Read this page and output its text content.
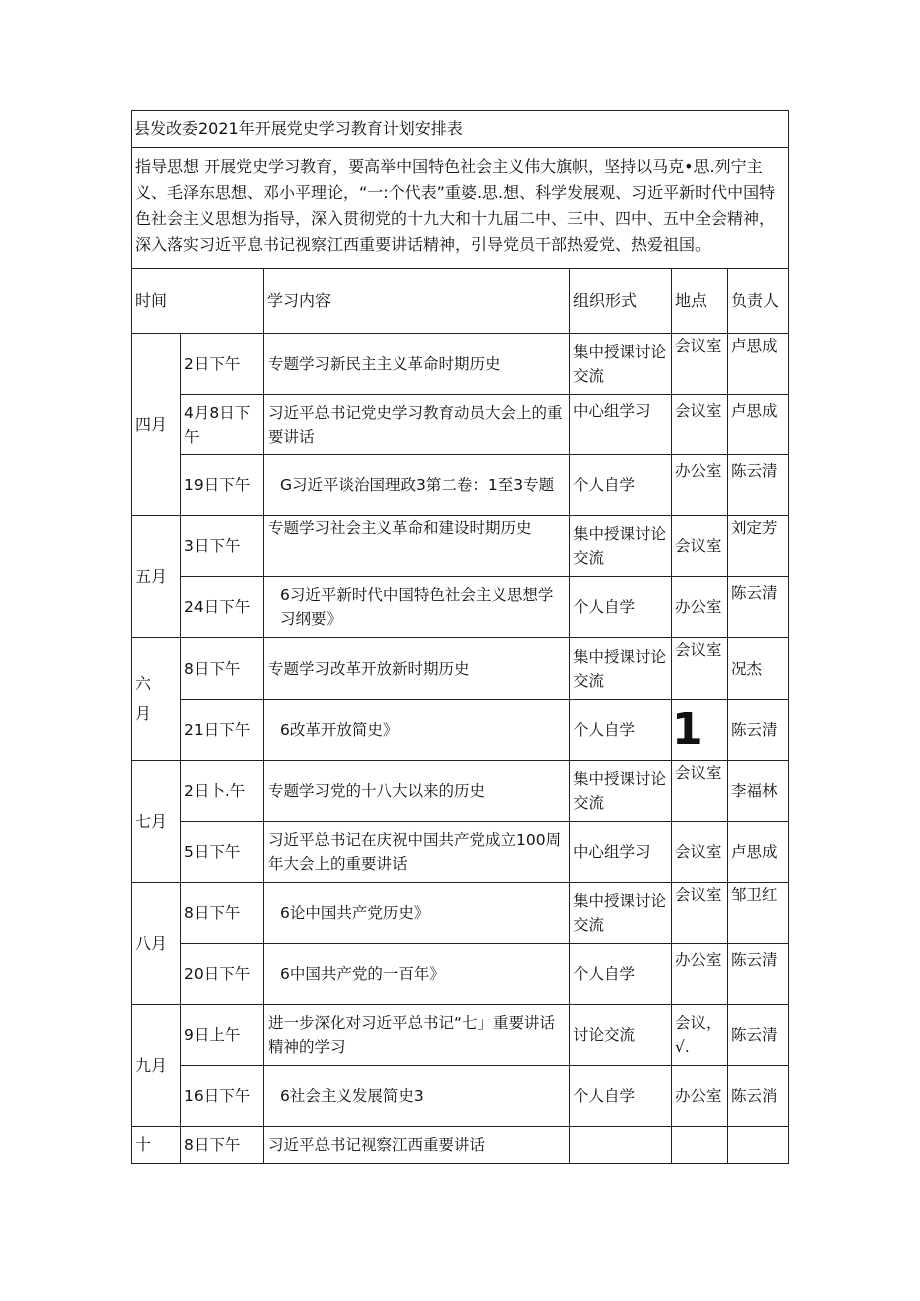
县发改委2021年开展党史学习教育计划安排表					
指导思想 开展党史学习教育，要高举中国特色社会主义伟大旗帜，坚持以马克•思.列宁主义、毛泽东思想、邓小平理论，“一:个代表”重婆.思.想、科学发展观、习近平新时代中国特色社会主义思想为指导，深入贯彻党的十九大和十九届二中、三中、四中、五中全会精神，深入落实习近平息书记视察江西重要讲话精神，引导党员干部热爱党、热爱祖国。					
时间		学习内容	组织形式	地点	负责人
四月	2日下午	专题学习新民主主义革命时期历史	集中授课讨论交流	会议室	卢思成
	4月8日下午	习近平总书记党史学习教育动员大会上的重要讲话	中心组学习	会议室	卢思成
	19日下午	G习近平谈治国理政3第二卷：1至3专题	个人自学	办公室	陈云清
五月	3日下午	专题学习社会主义革命和建设时期历史	集中授课讨论交流	会议室	刘定芳
	24日下午	6习近平新时代中国特色社会主义思想学习纲要》	个人自学	办公室	陈云清
六
月	8日下午	专题学习改革开放新时期历史	集中授课讨论交流	会议室	况杰
	21日下午	6改革开放简史》	个人自学	1	陈云清
七月	2日卜.午	专题学习党的十八大以来的历史	集中授课讨论交流	会议室	李福林
	5日下午	习近平总书记在庆祝中国共产党成立100周年大会上的重要讲话	中心组学习	会议室	卢思成
八月	8日下午	6论中国共产党历史》	集中授课讨论交流	会议室	邹卫红
	20日下午	6中国共产党的一百年》	个人自学	办公室	陈云清
九月	9日上午	进一步深化对习近平总书记“七」重要讲话精神的学习	讨论交流	会议，√.	陈云清
	16日下午	6社会主义发展简史3	个人自学	办公室	陈云消
十	8日下午	习近平总书记视察江西重要讲话			
